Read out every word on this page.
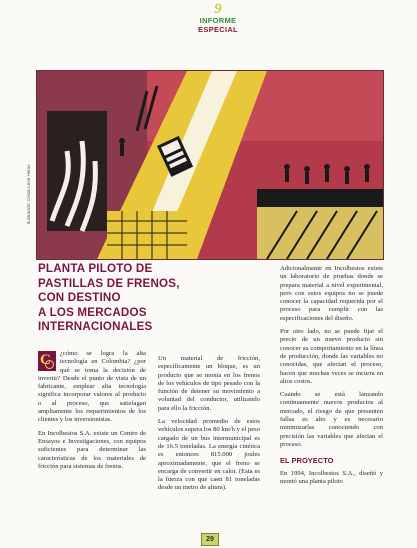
9
INFORME
ESPECIAL
Ilustración: César León Heras
PLANTA PILOTO DE
PASTILLAS DE FRENOS,
CON DESTINO
A LOS MERCADOS
INTERNACIONALES

C ¿cómo se logra la alta tecnología en Colombia? ¿por qué se toma la decisión de invertir? Desde el punto de vista de un fabricante, emplear alta tecnología significa incorporar valores al producto o al proceso, que satisfagan ampliamente los requerimientos de los clientes y los inversionistas.

En Incolbestos S.A. existe un Centro de Ensayos e Investigaciones, con equipos suficientes para determinar las características de los materiales de fricción para sistemas de frenos.

Un material de fricción, específicamente un bloque, es un producto que se monta en los frenos de los vehículos de tipo pesado con la función de detener su movimiento a voluntad del conductor, utilizando para ello la fricción.

La velocidad promedio de estos vehículos supera los 80 km/h y el peso cargado de un bus intermunicipal es de 16.5 toneladas. La energía cinética es entonces 815.000 joules aproximadamente, que el freno se encarga de convertir en calor. (Esta es la fuerza con que caen 81 toneladas desde un metro de altura).

Adicionalmente en Incolbestos existe un laboratorio de pruebas donde se prepara material a nivel experimental, pero con estos equipos no se puede conocer la capacidad requerida por el proceso para cumplir con las especificaciones del diseño.

Por otro lado, no se puede fijar el precio de un nuevo producto sin conocer su comportamiento en la línea de producción, donde las variables no conocidas, que afectan el proceso, hacen que muchas veces se incurra en altos costos.

Cuando se está lanzando continuamente nuevos productos al mercado, el riesgo de que presenten fallas es alto y es necesario minimizarlas conociendo con precisión las variables que afectan el proceso.

EL PROYECTO

En 1994, Incolbestos S.A., diseñó y montó una planta piloto

29
